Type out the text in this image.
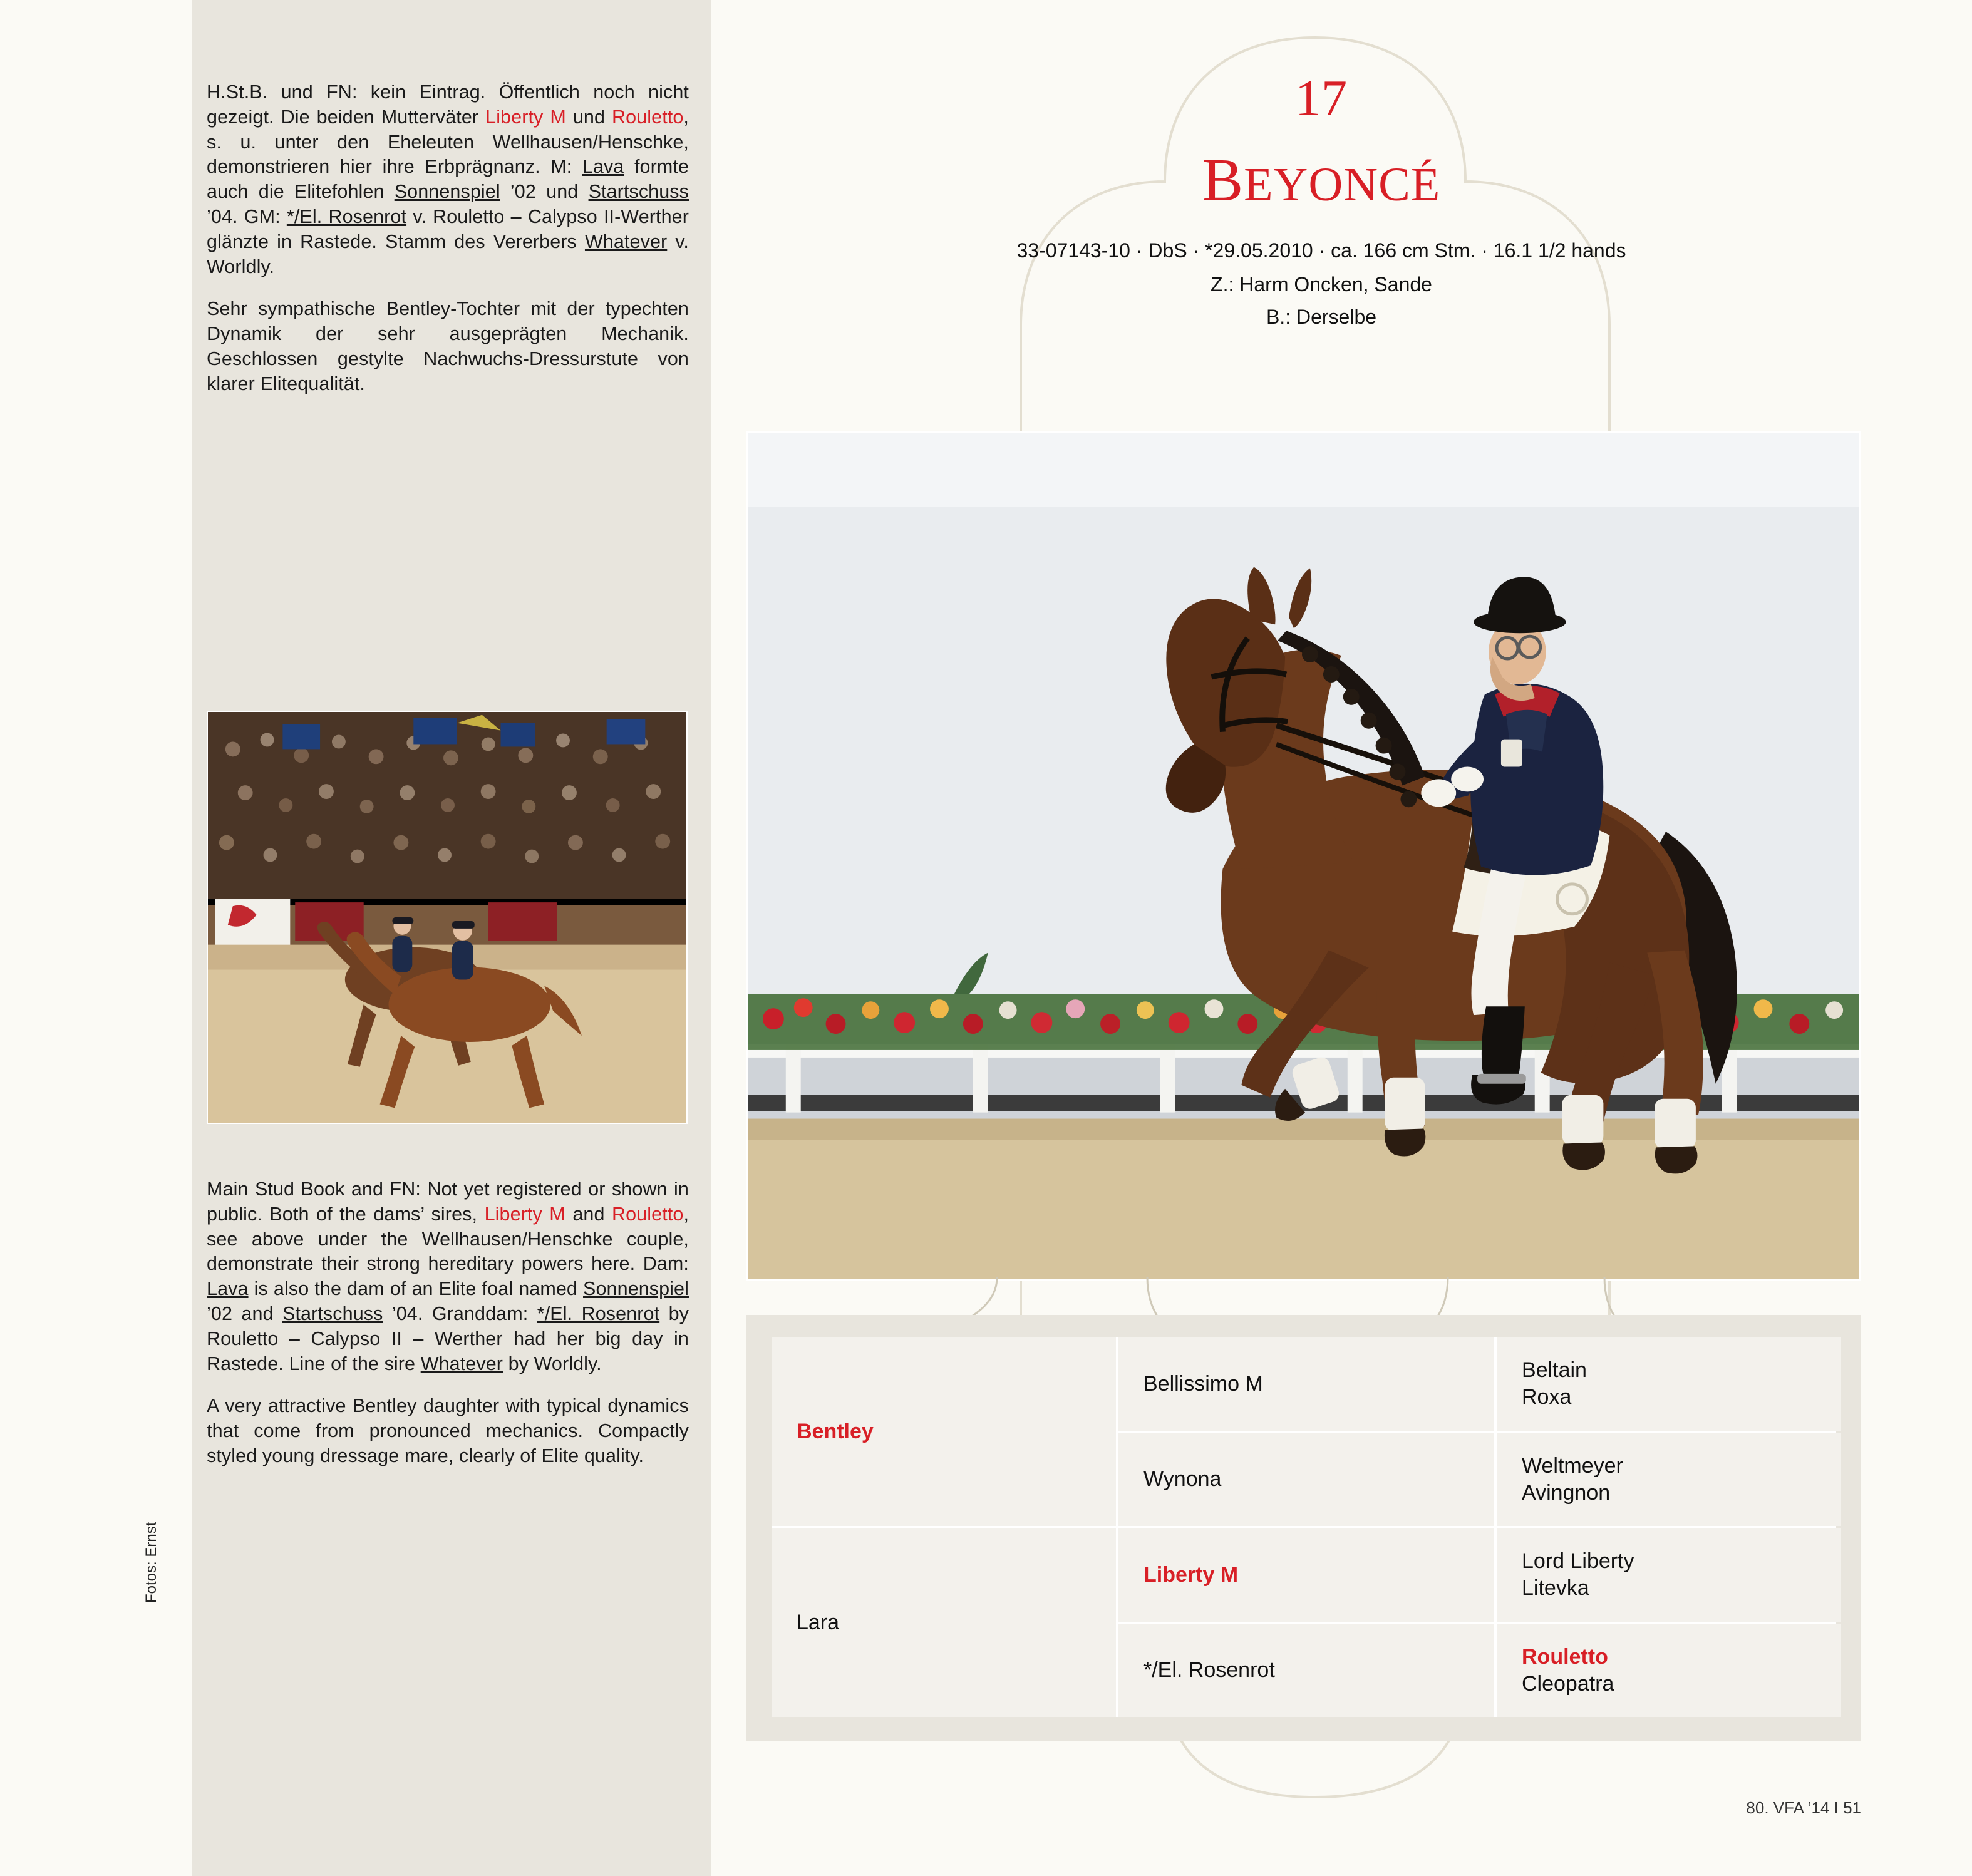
H.St.B. und FN: kein Eintrag. Öffentlich noch nicht gezeigt. Die beiden Mutterväter Liberty M und Rouletto, s. u. unter den Eheleuten Wellhausen/Henschke, demonstrieren hier ihre Erbprägnanz. M: Lava formte auch die Elitefohlen Sonnenspiel ’02 und Startschuss ’04. GM: */El. Rosenrot v. Rouletto – Calypso II-Werther glänzte in Rastede. Stamm des Vererbers Whatever v. Worldly.

Sehr sympathische Bentley-Tochter mit der typechten Dynamik der sehr ausgeprägten Mechanik. Geschlossen gestylte Nachwuchs-Dressurstute von klarer Elitequalität.

Main Stud Book and FN: Not yet registered or shown in public. Both of the dams’ sires, Liberty M and Rouletto, see above under the Wellhausen/Henschke couple, demonstrate their strong hereditary powers here. Dam: Lava is also the dam of an Elite foal named Sonnenspiel ’02 and Startschuss ’04. Granddam: */El. Rosenrot by Rouletto – Calypso II – Werther had her big day in Rastede. Line of the sire Whatever by Worldly.

A very attractive Bentley daughter with typical dynamics that come from pronounced mechanics. Compactly styled young dressage mare, clearly of Elite quality.

Fotos: Ernst
17
BEYONCÉ
33-07143-10 · DbS · *29.05.2010 · ca. 166 cm Stm. · 16.1 1/2 hands
Z.: Harm Oncken, Sande
B.: Derselbe
Bentley
Bellissimo M
Beltain
Roxa
Wynona
Weltmeyer
Avingnon
Lara
Liberty M
Lord Liberty
Litevka
*/El. Rosenrot
Rouletto
Cleopatra
80. VFA ’14 I 51
